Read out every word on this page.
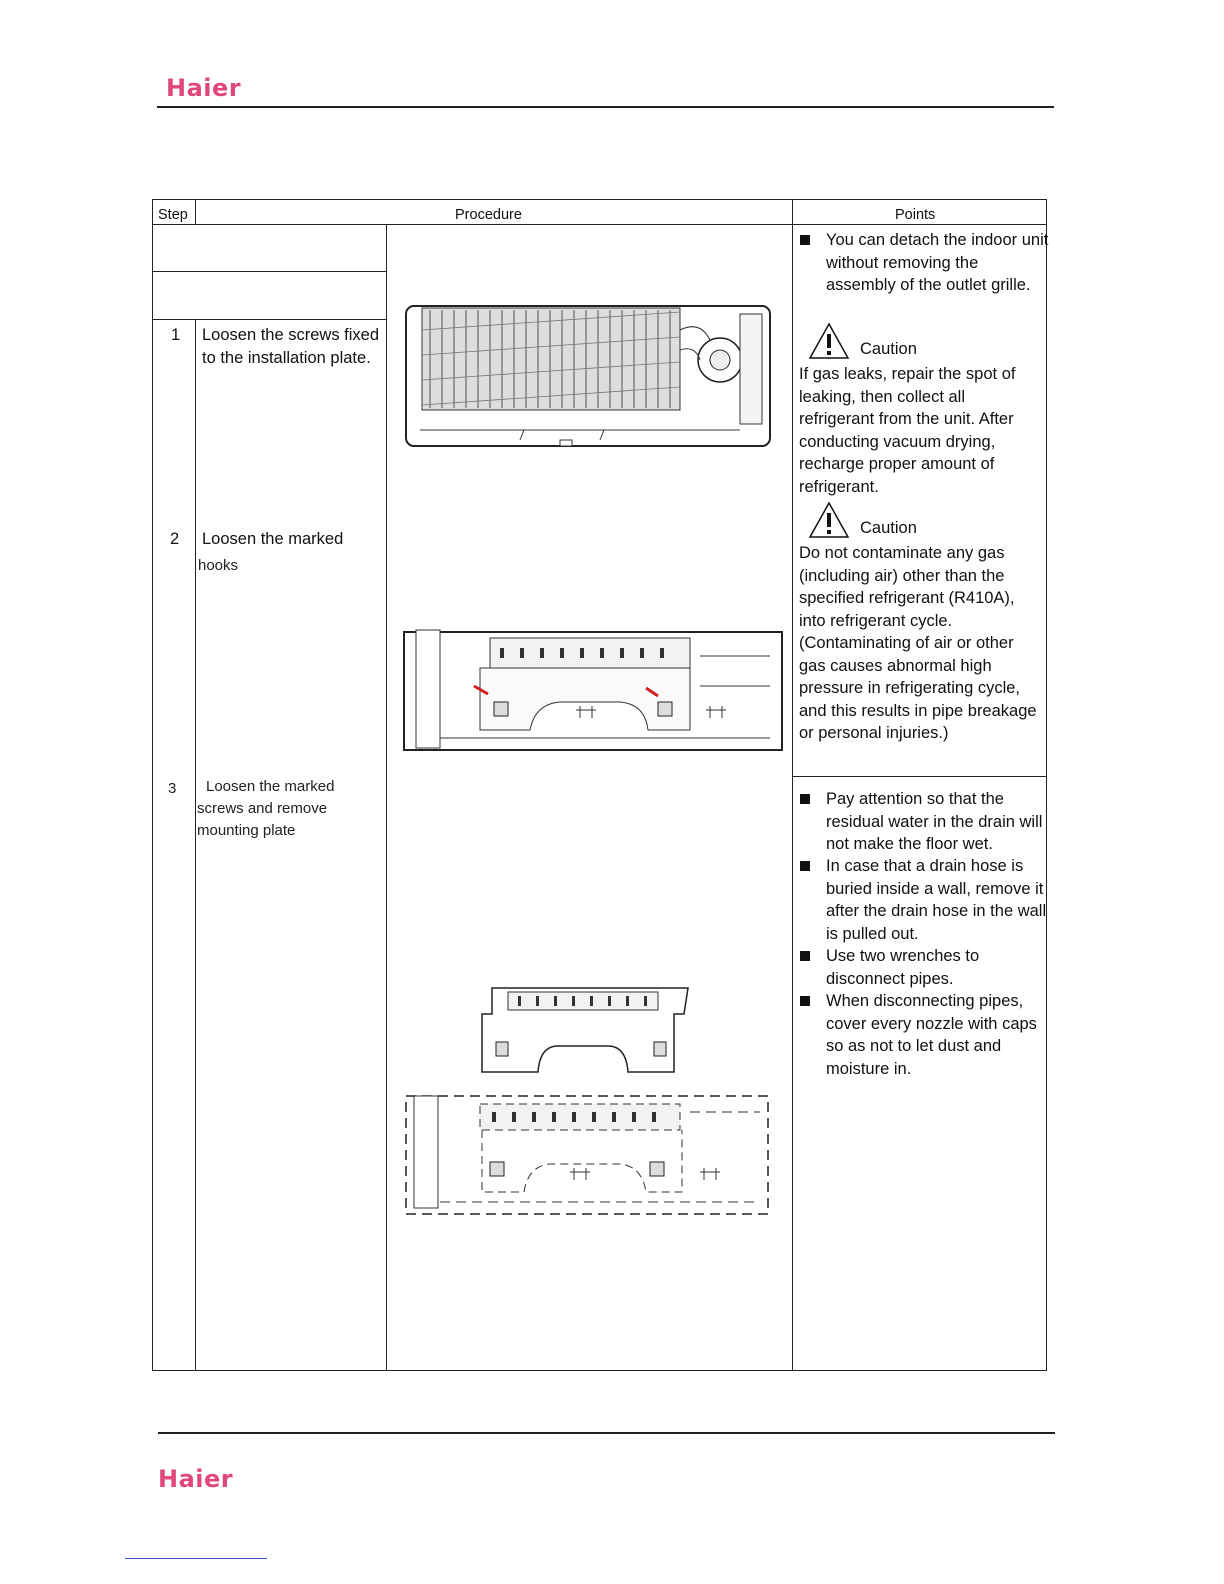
Haier
Step	Procedure	Points
1 Loosen the screws fixed to the installation plate.
2 Loosen the marked
hooks
3 Loosen the marked
screws and remove
mounting plate
You can detach the indoor unit without removing the assembly of the outlet grille.
Caution
If gas leaks, repair the spot of leaking, then collect all refrigerant from the unit. After conducting vacuum drying, recharge proper amount of refrigerant.
Caution
Do not contaminate any gas (including air) other than the specified refrigerant (R410A), into refrigerant cycle. (Contaminating of air or other gas causes abnormal high pressure in refrigerating cycle, and this results in pipe breakage or personal injuries.)
Pay attention so that the residual water in the drain will not make the floor wet.
In case that a drain hose is buried inside a wall, remove it after the drain hose in the wall is pulled out.
Use two wrenches to disconnect pipes.
When disconnecting pipes, cover every nozzle with caps so as not to let dust and moisture in.
Haier
